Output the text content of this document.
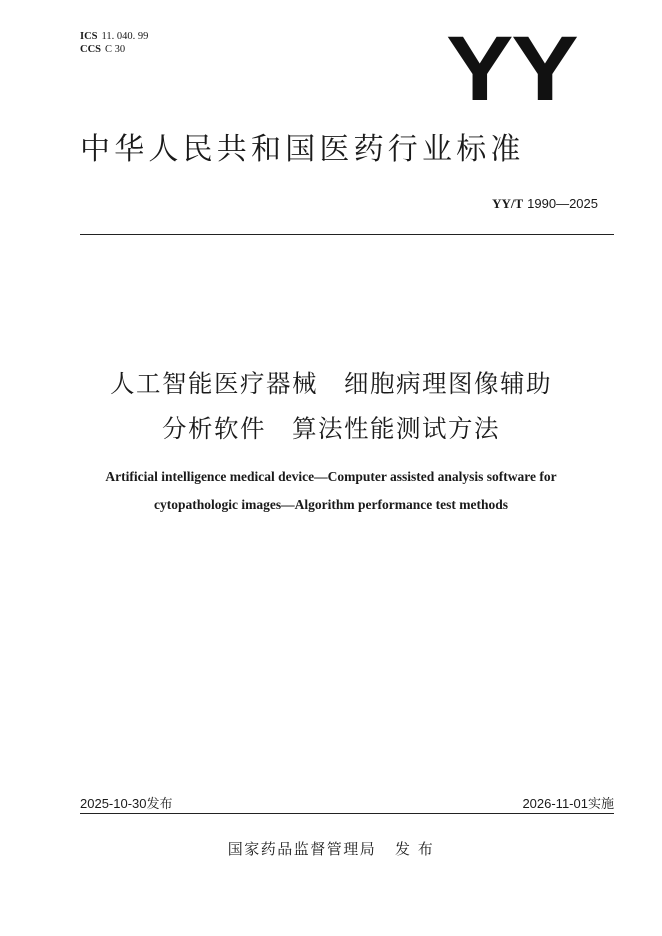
ICS 11. 040. 99
CCS C 30	YY
中华人民共和国医药行业标准
YY/T 1990—2025
人工智能医疗器械　细胞病理图像辅助
分析软件　算法性能测试方法
Artificial intelligence medical device—Computer assisted analysis software for
cytopathologic images—Algorithm performance test methods
2025-10-30发布	2026-11-01实施
国家药品监督管理局 发 布
